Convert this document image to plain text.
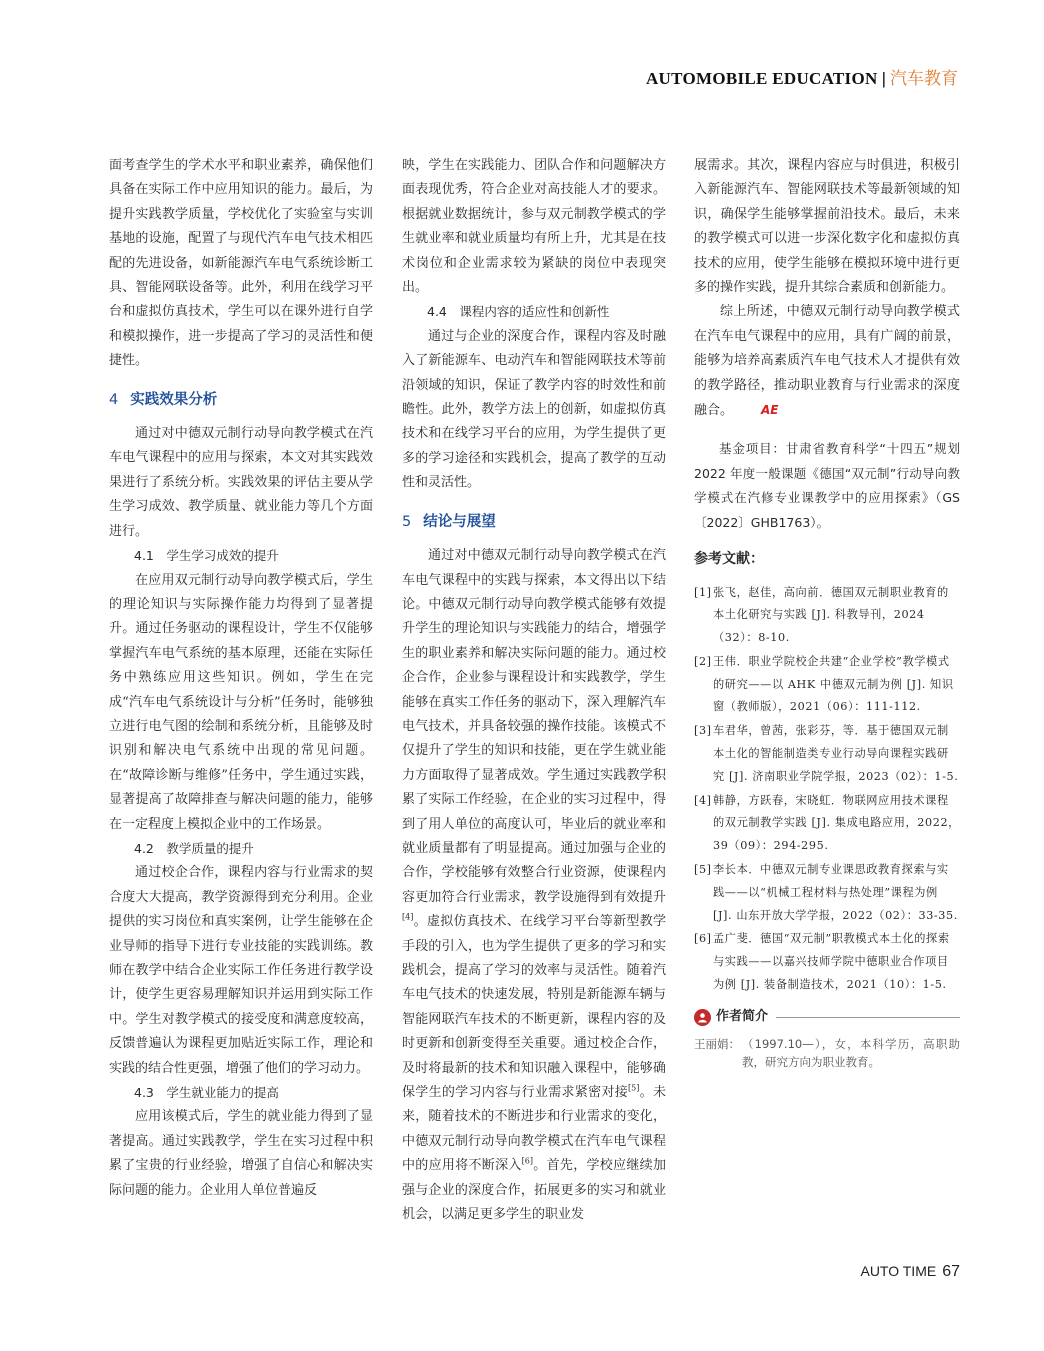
AUTOMOBILE EDUCATION | 汽车教育

面考查学生的学术水平和职业素养，确保他们具备在实际工作中应用知识的能力。最后，为提升实践教学质量，学校优化了实验室与实训基地的设施，配置了与现代汽车电气技术相匹配的先进设备，如新能源汽车电气系统诊断工具、智能网联设备等。此外，利用在线学习平台和虚拟仿真技术，学生可以在课外进行自学和模拟操作，进一步提高了学习的灵活性和便捷性。

4 实践效果分析

通过对中德双元制行动导向教学模式在汽车电气课程中的应用与探索，本文对其实践效果进行了系统分析。实践效果的评估主要从学生学习成效、教学质量、就业能力等几个方面进行。

4.1　学生学习成效的提升

在应用双元制行动导向教学模式后，学生的理论知识与实际操作能力均得到了显著提升。通过任务驱动的课程设计，学生不仅能够掌握汽车电气系统的基本原理，还能在实际任务中熟练应用这些知识。例如，学生在完成“汽车电气系统设计与分析”任务时，能够独立进行电气图的绘制和系统分析，且能够及时识别和解决电气系统中出现的常见问题。在“故障诊断与维修”任务中，学生通过实践，显著提高了故障排查与解决问题的能力，能够在一定程度上模拟企业中的工作场景。

4.2　教学质量的提升

通过校企合作，课程内容与行业需求的契合度大大提高，教学资源得到充分利用。企业提供的实习岗位和真实案例，让学生能够在企业导师的指导下进行专业技能的实践训练。教师在教学中结合企业实际工作任务进行教学设计，使学生更容易理解知识并运用到实际工作中。学生对教学模式的接受度和满意度较高，反馈普遍认为课程更加贴近实际工作，理论和实践的结合性更强，增强了他们的学习动力。

4.3　学生就业能力的提高

应用该模式后，学生的就业能力得到了显著提高。通过实践教学，学生在实习过程中积累了宝贵的行业经验，增强了自信心和解决实际问题的能力。企业用人单位普遍反

映，学生在实践能力、团队合作和问题解决方面表现优秀，符合企业对高技能人才的要求。根据就业数据统计，参与双元制教学模式的学生就业率和就业质量均有所上升，尤其是在技术岗位和企业需求较为紧缺的岗位中表现突出。

4.4　课程内容的适应性和创新性

通过与企业的深度合作，课程内容及时融入了新能源车、电动汽车和智能网联技术等前沿领域的知识，保证了教学内容的时效性和前瞻性。此外，教学方法上的创新，如虚拟仿真技术和在线学习平台的应用，为学生提供了更多的学习途径和实践机会，提高了教学的互动性和灵活性。

5 结论与展望

通过对中德双元制行动导向教学模式在汽车电气课程中的实践与探索，本文得出以下结论。中德双元制行动导向教学模式能够有效提升学生的理论知识与实践能力的结合，增强学生的职业素养和解决实际问题的能力。通过校企合作，企业参与课程设计和实践教学，学生能够在真实工作任务的驱动下，深入理解汽车电气技术，并具备较强的操作技能。该模式不仅提升了学生的知识和技能，更在学生就业能力方面取得了显著成效。学生通过实践教学积累了实际工作经验，在企业的实习过程中，得到了用人单位的高度认可，毕业后的就业率和就业质量都有了明显提高。通过加强与企业的合作，学校能够有效整合行业资源，使课程内容更加符合行业需求，教学设施得到有效提升[4]。虚拟仿真技术、在线学习平台等新型教学手段的引入，也为学生提供了更多的学习和实践机会，提高了学习的效率与灵活性。随着汽车电气技术的快速发展，特别是新能源车辆与智能网联汽车技术的不断更新，课程内容的及时更新和创新变得至关重要。通过校企合作，及时将最新的技术和知识融入课程中，能够确保学生的学习内容与行业需求紧密对接[5]。未来，随着技术的不断进步和行业需求的变化，中德双元制行动导向教学模式在汽车电气课程中的应用将不断深入[6]。首先，学校应继续加强与企业的深度合作，拓展更多的实习和就业机会，以满足更多学生的职业发

展需求。其次，课程内容应与时俱进，积极引入新能源汽车、智能网联技术等最新领域的知识，确保学生能够掌握前沿技术。最后，未来的教学模式可以进一步深化数字化和虚拟仿真技术的应用，使学生能够在模拟环境中进行更多的操作实践，提升其综合素质和创新能力。

综上所述，中德双元制行动导向教学模式在汽车电气课程中的应用，具有广阔的前景，能够为培养高素质汽车电气技术人才提供有效的教学路径，推动职业教育与行业需求的深度融合。 AE

基金项目：甘肃省教育科学“十四五”规划 2022 年度一般课题《德国“双元制”行动导向教学模式在汽修专业课教学中的应用探索》（GS〔2022〕GHB1763）。

参考文献：
[1] 张飞，赵佳，高向前．德国双元制职业教育的本土化研究与实践 [J]. 科教导刊，2024（32）：8-10.
[2] 王伟．职业学院校企共建“企业学校”教学模式的研究——以 AHK 中德双元制为例 [J]. 知识窗（教师版），2021（06）：111-112.
[3] 车君华，曾茜，张彩芬，等．基于德国双元制本土化的智能制造类专业行动导向课程实践研究 [J]. 济南职业学院学报，2023（02）：1-5.
[4] 韩静，方跃春，宋晓虹．物联网应用技术课程的双元制教学实践 [J]. 集成电路应用，2022，39（09）：294-295.
[5] 李长本．中德双元制专业课思政教育探索与实践——以“机械工程材料与热处理”课程为例 [J]. 山东开放大学学报，2022（02）：33-35.
[6] 孟广斐．德国“双元制”职教模式本土化的探索与实践——以嘉兴技师学院中德职业合作项目为例 [J]. 装备制造技术，2021（10）：1-5.
作者简介
王丽娟： （1997.10—），女，本科学历，高职助教，研究方向为职业教育。
AUTO TIME 67
